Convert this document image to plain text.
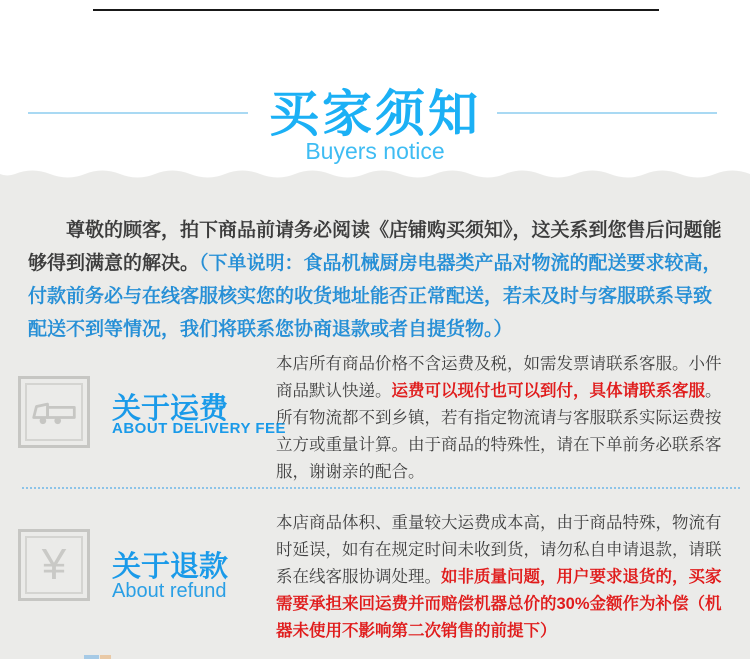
买家须知
Buyers notice

尊敬的顾客，拍下商品前请务必阅读《店铺购买须知》，这关系到您售后问题能够得到满意的解决。（下单说明：食品机械厨房电器类产品对物流的配送要求较高，付款前务必与在线客服核实您的收货地址能否正常配送，若未及时与客服联系导致配送不到等情况，我们将联系您协商退款或者自提货物。）

关于运费
ABOUT DELIVERY FEE
本店所有商品价格不含运费及税，如需发票请联系客服。小件商品默认快递。运费可以现付也可以到付，具体请联系客服。所有物流都不到乡镇，若有指定物流请与客服联系实际运费按立方或重量计算。由于商品的特殊性，请在下单前务必联系客服，谢谢亲的配合。
¥ 关于退款
About refund
本店商品体积、重量较大运费成本高，由于商品特殊，物流有时延误，如有在规定时间未收到货，请勿私自申请退款，请联系在线客服协调处理。如非质量问题，用户要求退货的，买家需要承担来回运费并而赔偿机器总价的30%金额作为补偿（机器未使用不影响第二次销售的前提下）
